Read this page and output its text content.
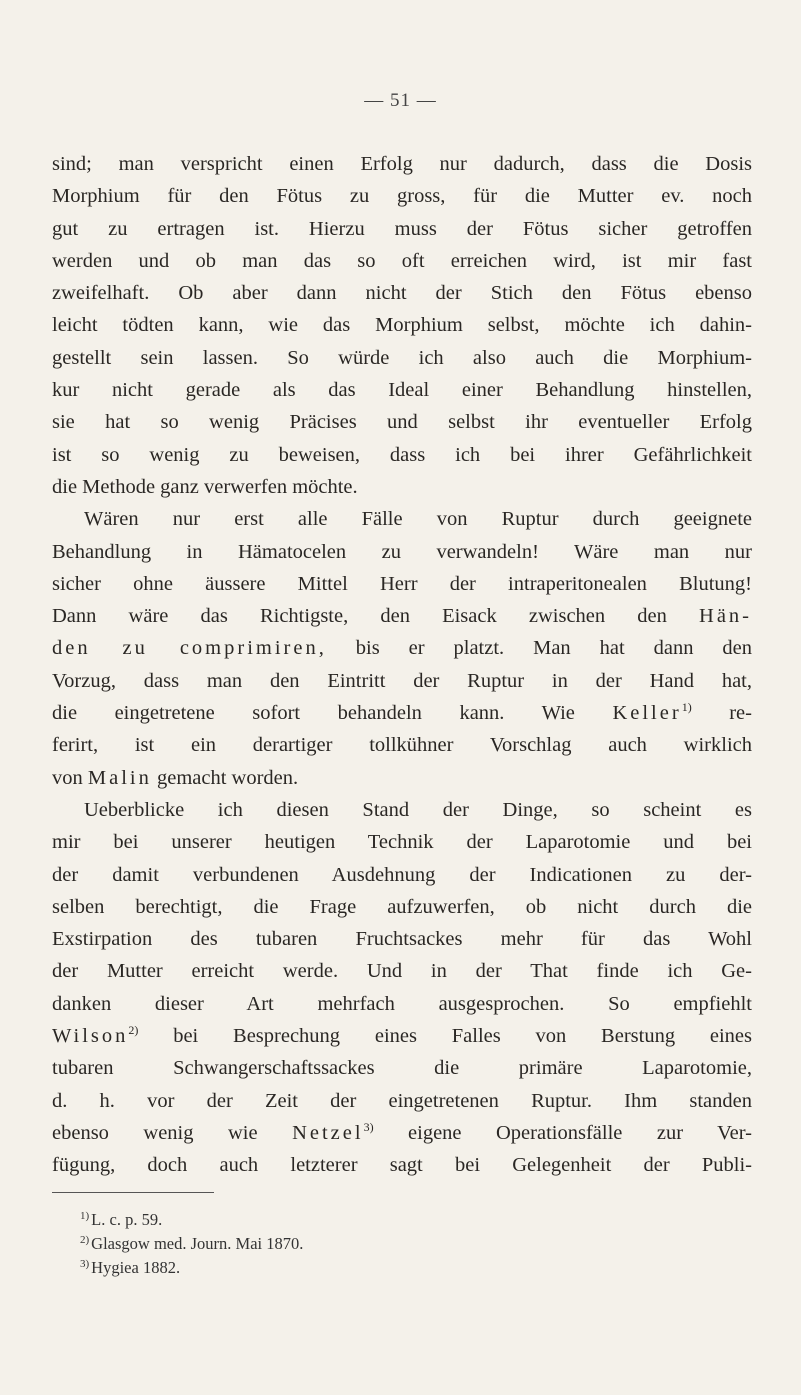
— 51 —
sind; man verspricht einen Erfolg nur dadurch, dass die Dosis
Morphium für den Fötus zu gross, für die Mutter ev. noch
gut zu ertragen ist. Hierzu muss der Fötus sicher getroffen
werden und ob man das so oft erreichen wird, ist mir fast
zweifelhaft. Ob aber dann nicht der Stich den Fötus ebenso
leicht tödten kann, wie das Morphium selbst, möchte ich dahin-
gestellt sein lassen. So würde ich also auch die Morphium-
kur nicht gerade als das Ideal einer Behandlung hinstellen,
sie hat so wenig Präcises und selbst ihr eventueller Erfolg
ist so wenig zu beweisen, dass ich bei ihrer Gefährlichkeit
die Methode ganz verwerfen möchte.
Wären nur erst alle Fälle von Ruptur durch geeignete
Behandlung in Hämatocelen zu verwandeln! Wäre man nur
sicher ohne äussere Mittel Herr der intraperitonealen Blutung!
Dann wäre das Richtigste, den Eisack zwischen den Hän-
den zu comprimiren, bis er platzt. Man hat dann den
Vorzug, dass man den Eintritt der Ruptur in der Hand hat,
die eingetretene sofort behandeln kann. Wie Keller$^{1)}$ re-
ferirt, ist ein derartiger tollkühner Vorschlag auch wirklich
von Malin gemacht worden.
Ueberblicke ich diesen Stand der Dinge, so scheint es
mir bei unserer heutigen Technik der Laparotomie und bei
der damit verbundenen Ausdehnung der Indicationen zu der-
selben berechtigt, die Frage aufzuwerfen, ob nicht durch die
Exstirpation des tubaren Fruchtsackes mehr für das Wohl
der Mutter erreicht werde. Und in der That finde ich Ge-
danken dieser Art mehrfach ausgesprochen. So empfiehlt
Wilson$^{2)}$ bei Besprechung eines Falles von Berstung eines
tubaren Schwangerschaftssackes die primäre Laparotomie,
d. h. vor der Zeit der eingetretenen Ruptur. Ihm standen
ebenso wenig wie Netzel$^{3)}$ eigene Operationsfälle zur Ver-
fügung, doch auch letzterer sagt bei Gelegenheit der Publi-
$^{1)}$ L. c. p. 59.
$^{2)}$ Glasgow med. Journ. Mai 1870.
$^{3)}$ Hygiea 1882.
